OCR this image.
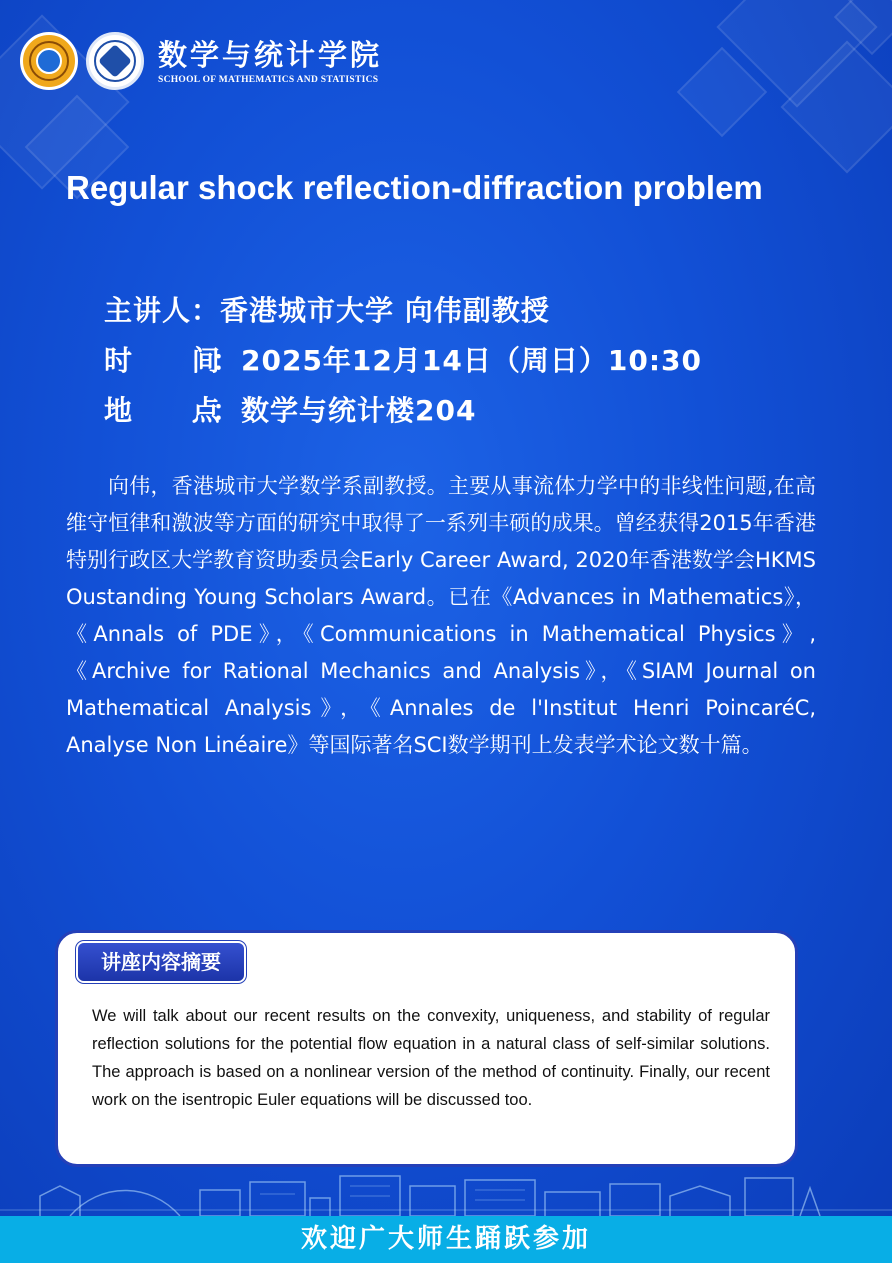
数学与统计学院
SCHOOL OF MATHEMATICS AND STATISTICS
Regular shock reflection-diffraction problem
主讲人：香港城市大学 向伟副教授
时 间：2025年12月14日（周日）10:30
地 点：数学与统计楼204

向伟，香港城市大学数学系副教授。主要从事流体力学中的非线性问题,在高维守恒律和激波等方面的研究中取得了一系列丰硕的成果。曾经获得2015年香港特别行政区大学教育资助委员会Early Career Award, 2020年香港数学会HKMS Oustanding Young Scholars Award。已在《Advances in Mathematics》，《Annals of PDE》，《Communications in Mathematical Physics》,《Archive for Rational Mechanics and Analysis》，《SIAM Journal on Mathematical Analysis》，《Annales de l'Institut Henri PoincaréC, Analyse Non Linéaire》等国际著名SCI数学期刊上发表学术论文数十篇。

讲座内容摘要

We will talk about our recent results on the convexity, uniqueness, and stability of regular reflection solutions for the potential flow equation in a natural class of self-similar solutions. The approach is based on a nonlinear version of the method of continuity. Finally, our recent work on the isentropic Euler equations will be discussed too.

欢迎广大师生踊跃参加
